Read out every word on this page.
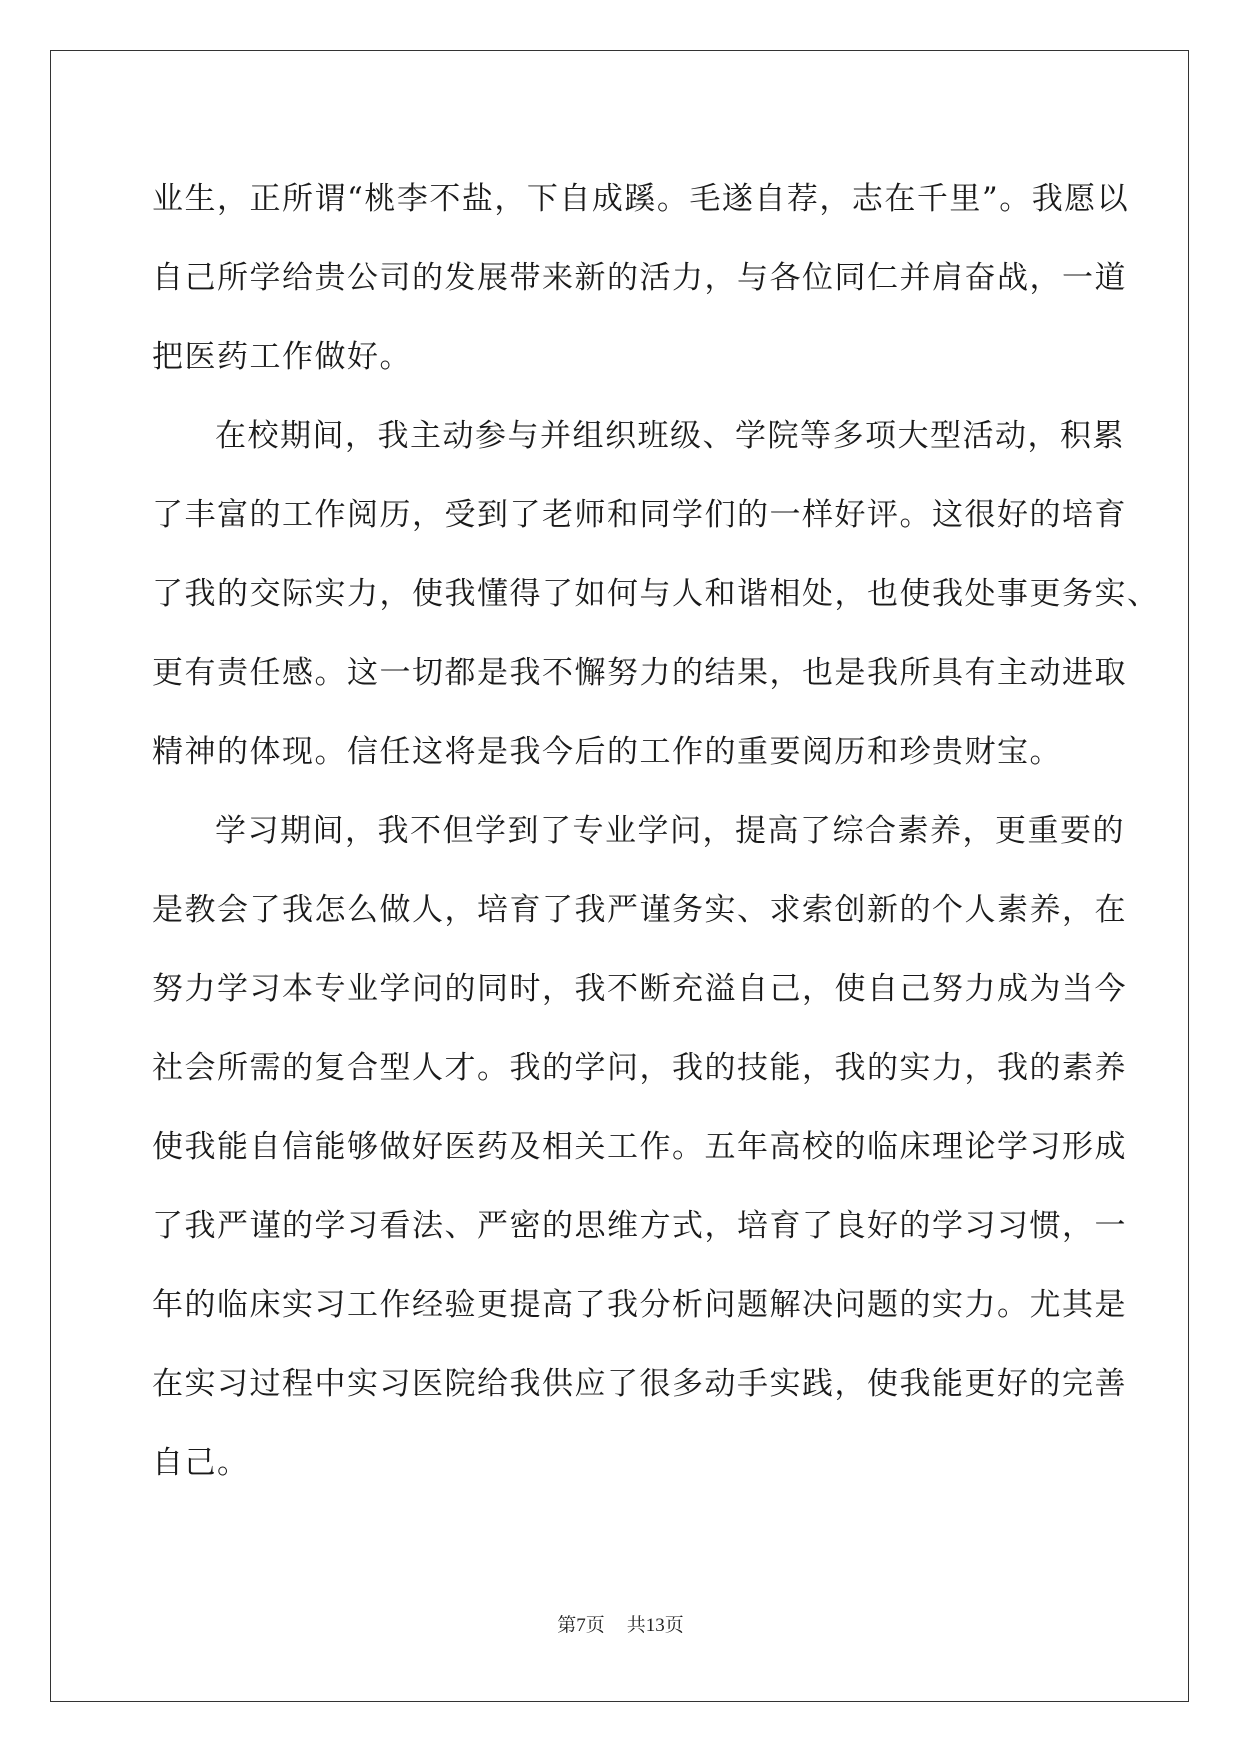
业生，正所谓“桃李不盐，下自成蹊。毛遂自荐，志在千里”。我愿以
自己所学给贵公司的发展带来新的活力，与各位同仁并肩奋战，一道
把医药工作做好。
在校期间，我主动参与并组织班级、学院等多项大型活动，积累
了丰富的工作阅历，受到了老师和同学们的一样好评。这很好的培育
了我的交际实力，使我懂得了如何与人和谐相处，也使我处事更务实、
更有责任感。这一切都是我不懈努力的结果，也是我所具有主动进取
精神的体现。信任这将是我今后的工作的重要阅历和珍贵财宝。
学习期间，我不但学到了专业学问，提高了综合素养，更重要的
是教会了我怎么做人，培育了我严谨务实、求索创新的个人素养，在
努力学习本专业学问的同时，我不断充溢自己，使自己努力成为当今
社会所需的复合型人才。我的学问，我的技能，我的实力，我的素养
使我能自信能够做好医药及相关工作。五年高校的临床理论学习形成
了我严谨的学习看法、严密的思维方式，培育了良好的学习习惯，一
年的临床实习工作经验更提高了我分析问题解决问题的实力。尤其是
在实习过程中实习医院给我供应了很多动手实践，使我能更好的完善
自己。
第7页 共13页
